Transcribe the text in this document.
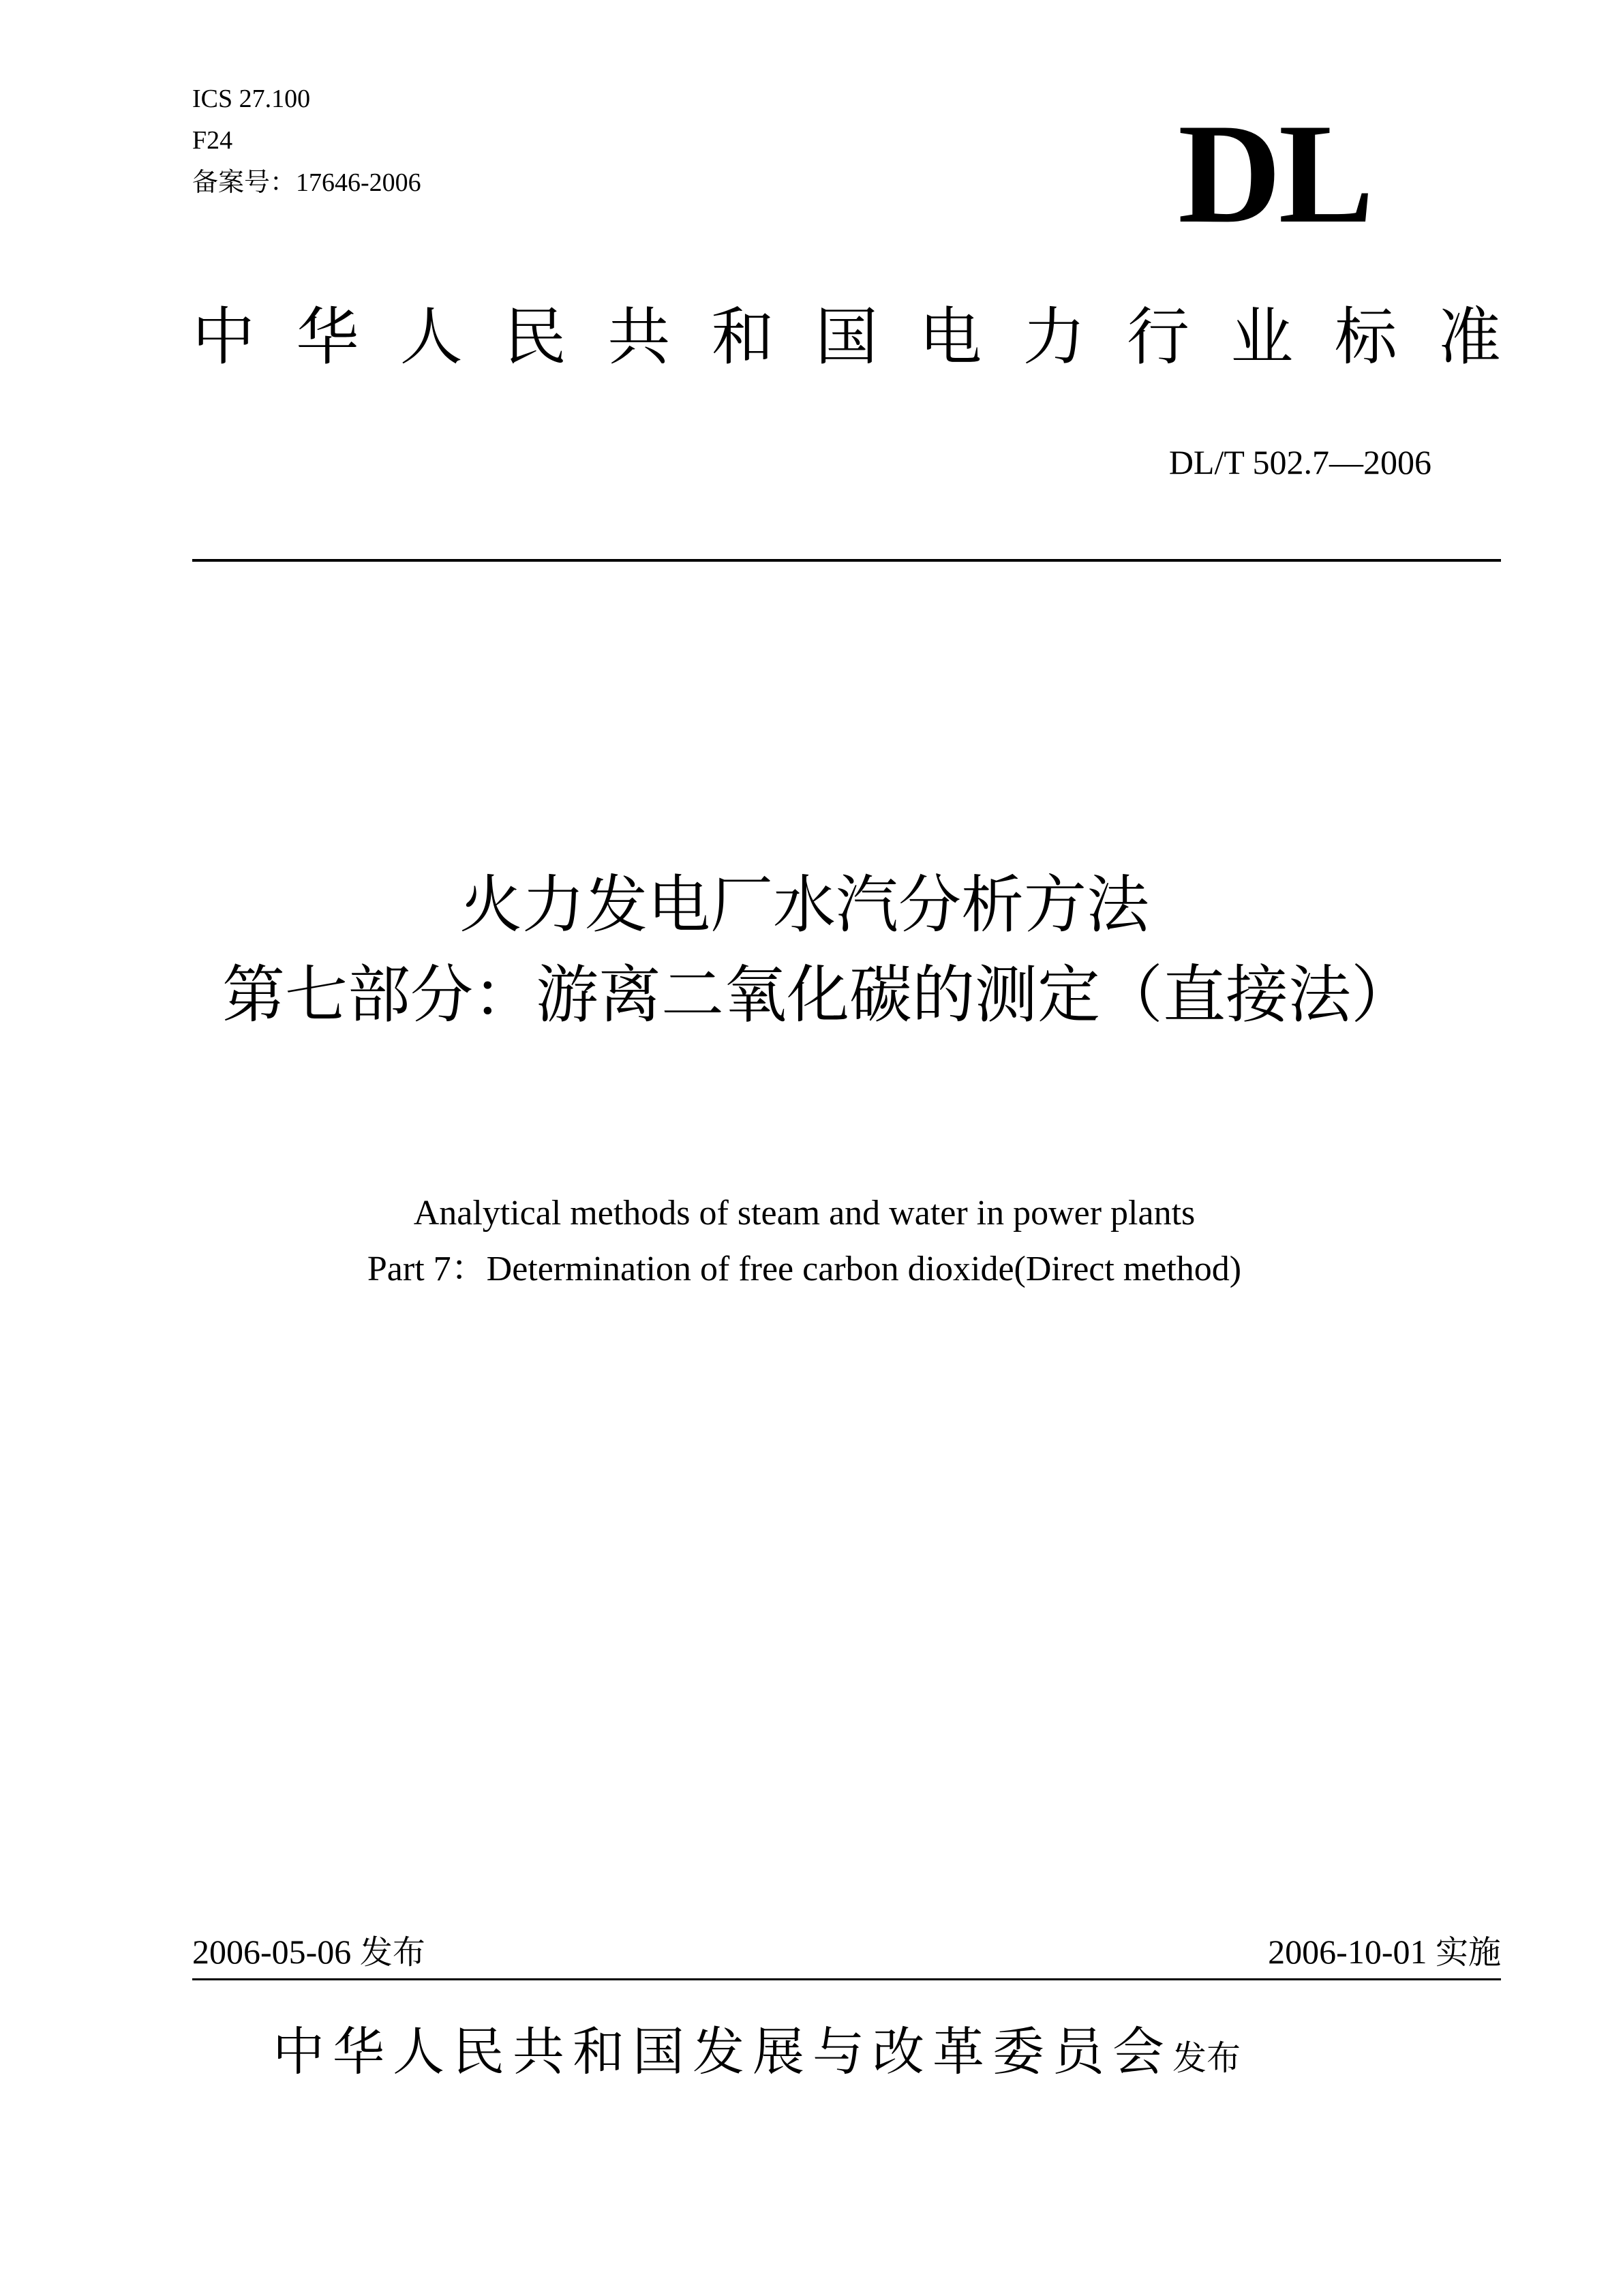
ICS 27.100
F24
备案号：17646-2006	DL
中 华 人 民 共 和 国 电 力 行 业 标 准
DL/T 502.7—2006
火力发电厂水汽分析方法
第七部分：游离二氧化碳的测定（直接法）
Analytical methods of steam and water in power plants
Part 7：Determination of free carbon dioxide(Direct method)
2006-05-06 发布	2006-10-01 实施
中华人民共和国发展与改革委员会发布
